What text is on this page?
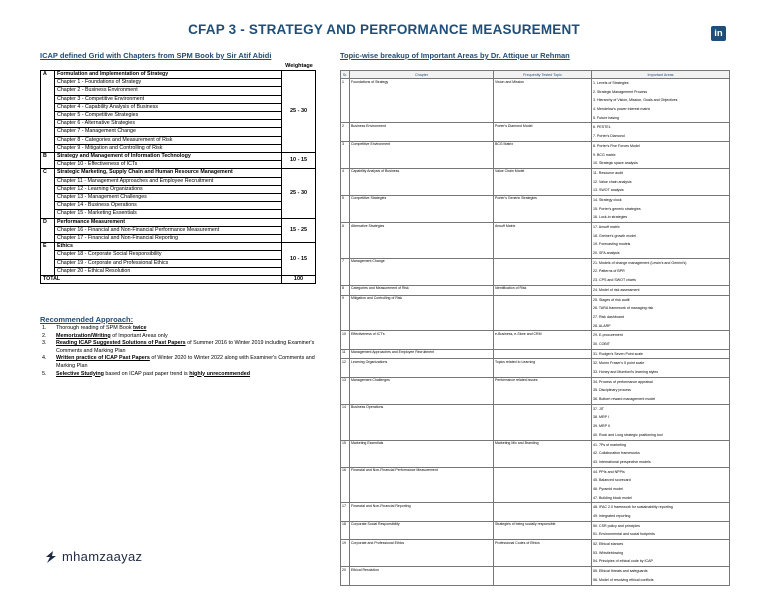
CFAP 3 - STRATEGY AND PERFORMANCE MEASUREMENT	in
ICAP defined Grid with Chapters from SPM Book by Sir Atif Abidi
Weightage
A	Formulation and Implementation of Strategy	25 - 30
	Chapter 1 - Foundations of Strategy	
	Chapter 2 - Business Environment	
	Chapter 3 - Competitive Environment	
	Chapter 4 - Capability Analysis of Business	
	Chapter 5 - Competitive Strategies	
	Chapter 6 - Alternative Strategies	
	Chapter 7 - Management Change	
	Chapter 8 - Categories and Measurement of Risk	
	Chapter 9 - Mitigation and Controlling of Risk	
B	Strategy and Management of Information Technology	10 - 15
	Chapter 10 - Effectiveness of ICTs	
C	Strategic Marketing, Supply Chain and Human Resource Management	25 - 30
	Chapter 11 - Management Approaches and Employee Recruitment	
	Chapter 12 - Learning Organizations	
	Chapter 13 - Management Challenges	
	Chapter 14 - Business Operations	
	Chapter 15 - Marketing Essentials	
D	Performance Measurement	15 - 25
	Chapter 16 - Financial and Non-Financial Performance Measurement	
	Chapter 17 - Financial and Non-Financial Reporting	
E	Ethics	10 - 15
	Chapter 18 - Corporate Social Responsibility	
	Chapter 19 - Corporate and Professional Ethics	
	Chapter 20 - Ethical Resolution	
TOTAL		100
Recommended Approach:
1. Thorough reading of SPM Book twice
2. Memorization/Writing of Important Areas only
3. Reading ICAP Suggested Solutions of Past Papers of Summer 2016 to Winter 2019 including Examiner's Comments and Marking Plan
4. Written practice of ICAP Past Papers of Winter 2020 to Winter 2022 along with Examiner's Comments and Marking Plan
5. Selective Studying based on ICAP past paper trend is highly unrecommended
mhamzaayaz
Topic-wise breakup of Important Areas by Dr. Attique ur Rehman
Sr.	Chapter	Frequently Tested Topic	Important Areas
1	Foundations of Strategy	Vision and Mission	1. Levels of Strategies
2. Strategic Management Process
3. Hierarchy of Vision, Mission, Goals and Objectives
4. Mendelow's power interest matrix
5. Future basing

2	Business Environment	Porter's Diamond Model	6. PESTEL
7. Porter's Diamond

3	Competitive Environment	BCG Matrix	8. Porter's Five Forces Model
9. BCG matrix
10. Strategic space analysis

4	Capability Analysis of Business	Value Chain Model	11. Resource audit
12. Value chain analysis
13. SWOT analysis

5	Competitive Strategies	Porter's Generic Strategies	14. Strategy clock
15. Porter's generic strategies
16. Lock-in strategies

6	Alternative Strategies	Ansoff Matrix	17. Ansoff matrix
18. Greiner's growth model
19. Forecasting models
20. SFA analysis

7	Management Change		21. Models of change management (Lewin's and Gemini's)
22. Patterns of BPR
23. CPS and SWOT charts

8	Categories and Measurement of Risk	Identification of Risk	24. Model of risk assessment

9	Mitigation and Controlling of Risk		25. Stages of risk audit
26. TARA framework of managing risk
27. Risk dashboard
28. ALARP

10	Effectiveness of ICT's	e-Business, e-Store and CRM	29. E-procurement
30. COBIT

11	Management Approaches and Employee Recruitment		31. Rodger's Seven Point scale

12	Learning Organizations	Topics related to Learning	32. Munro Fraser's 5 point scale
33. Honey and Mumford's learning styles

13	Management Challenges	Performance related issues	34. Process of performance appraisal
35. Disciplinary process
36. Bottom reward management model

14	Business Operations		37. JIT
38. MRP I
39. MRP II
40. Rock and Long strategic positioning tool

15	Marketing Essentials	Marketing Mix and Branding	41. 7Ps of marketing
42. Collaboration frameworks
43. International perspective models

16	Financial and Non-Financial Performance Measurement		44. PPIs and NPPIs
45. Balanced scorecard
46. Pyramid model
47. Building block model

17	Financial and Non-Financial Reporting		48. IFAC 2.0 framework for sustainability reporting
49. Integrated reporting

18	Corporate Social Responsibility	Strategies of being socially responsible	50. CSR policy and principles
51. Environmental and social footprints

19	Corporate and Professional Ethics	Professional Codes of Ethics	52. Ethical stances
53. Whistleblowing
54. Principles of ethical code by ICAP

20	Ethical Resolution		55. Ethical threats and safeguards
56. Model of resolving ethical conflicts
